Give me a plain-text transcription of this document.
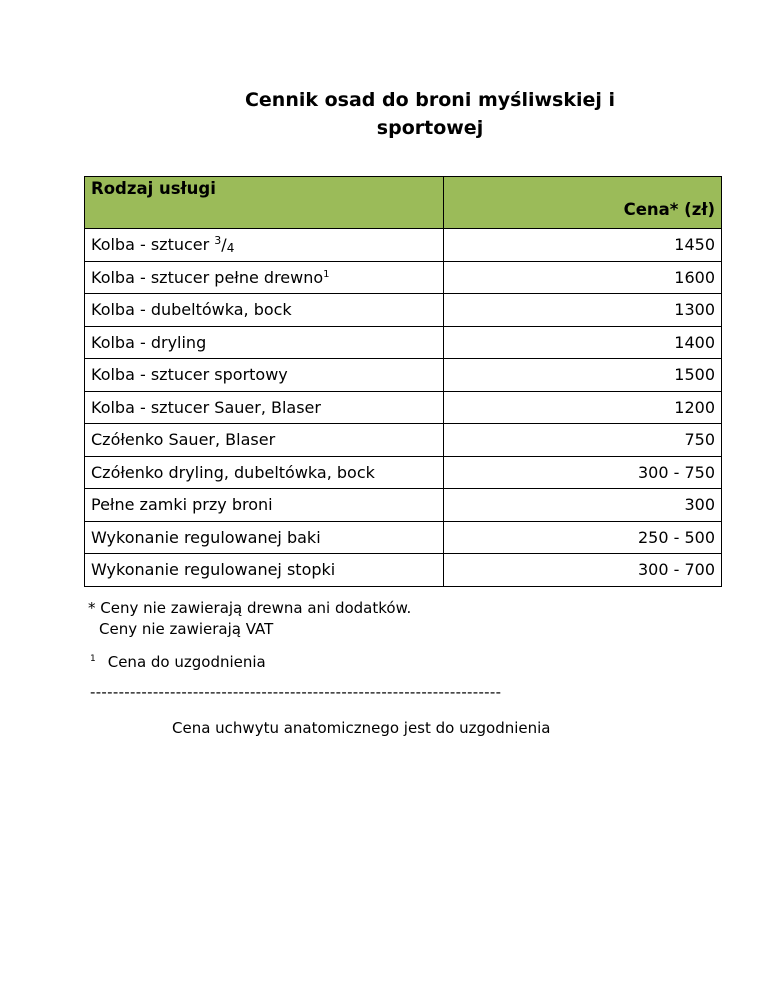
Cennik osad do broni myśliwskiej i
sportowej
Rodzaj usługi	Cena* (zł)
Kolba - sztucer $^3$/4	1450
Kolba - sztucer pełne drewno$^1$	1600
Kolba - dubeltówka, bock	1300
Kolba - dryling	1400
Kolba - sztucer sportowy	1500
Kolba - sztucer Sauer, Blaser	1200
Czółenko Sauer, Blaser	750
Czółenko dryling, dubeltówka, bock	300 - 750
Pełne zamki przy broni	300
Wykonanie regulowanej baki	250 - 500
Wykonanie regulowanej stopki	300 - 700
* Ceny nie zawierają drewna ani dodatków.
Ceny nie zawierają VAT
$^1$ Cena do uzgodnienia
------------------------------------------------------------------------
Cena uchwytu anatomicznego jest do uzgodnienia
